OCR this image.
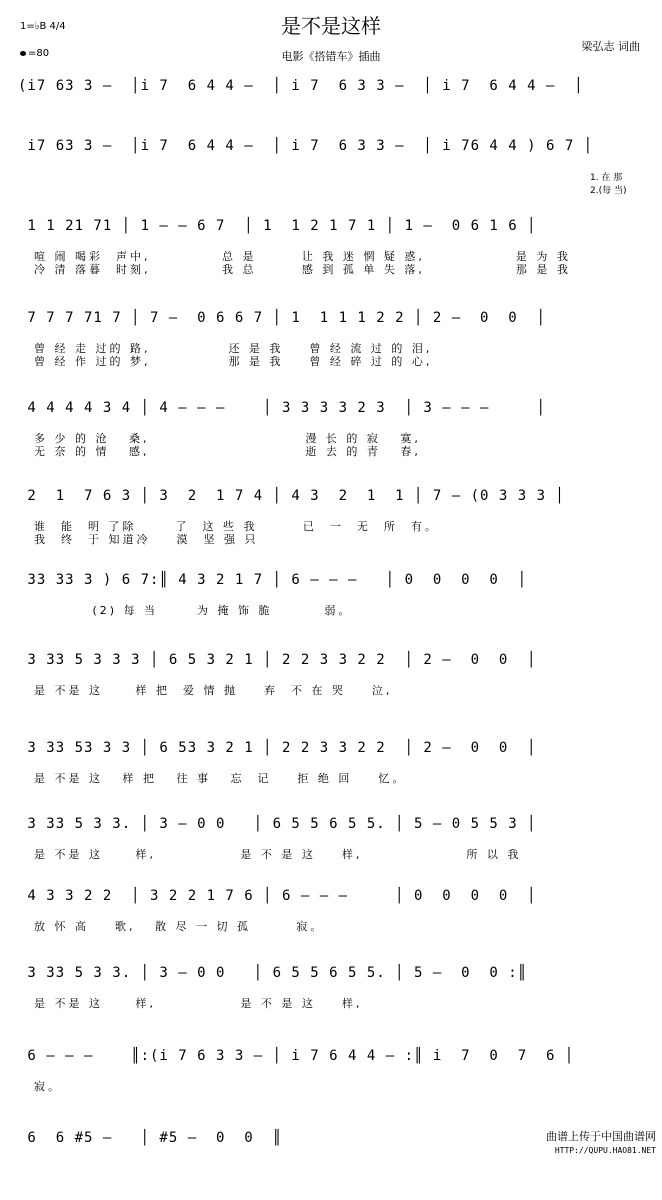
是不是这样
电影《搭错车》插曲
梁弘志 词曲
1=♭B 4/4
=80
(i7 63 3 –  │i 7  6 4 4 –  │ i 7  6 3 3 –  │ i 7  6 4 4 –  │
i7 63 3 –  │i 7  6 4 4 –  │ i 7  6 3 3 –  │ i 76 4 4 ) 6 7 │
1. 在 那
2.(每 当)
1 1 21 71 │ 1 – – 6 7  │ 1  1 2 1 7 1 │ 1 –  0 6 1 6 │
喧 闹 喝彩  声中,           总 是       让 我 迷 惘 疑 惑,              是 为 我
冷 清 落暮  时刻,           我 总       感 到 孤 单 失 落,              那 是 我
7 7 7 71 7 │ 7 –  0 6 6 7 │ 1  1 1 1 2 2 │ 2 –  0  0  │
曾 经 走 过的 路,            还 是 我    曾 经 流 过 的 泪,
曾 经 作 过的 梦,            那 是 我    曾 经 碎 过 的 心,
4 4 4 4 3 4 │ 4 – – –    │ 3 3 3 3 2 3  │ 3 – – –     │
多 少 的 沧   桑,                        漫 长 的 寂   寞,
无 奈 的 情   感,                        逝 去 的 青   春,
2  1  7 6 3 │ 3  2  1 7 4 │ 4 3  2  1  1 │ 7 – (0 3 3 3 │
谁  能  明 了除      了  这 些 我       已  一  无  所  有。
我  终  于 知道冷    漠  坚 强 只
33 33 3 ) 6 7:║ 4 3 2 1 7 │ 6 – – –   │ 0  0  0  0  │
(2) 每 当      为 掩 饰 脆        弱。
3 33 5 3 3 3 │ 6 5 3 2 1 │ 2 2 3 3 2 2  │ 2 –  0  0  │
是 不是 这     样 把  爱 情 抛    弃  不 在 哭    泣,
3 33 53 3 3 │ 6 53 3 2 1 │ 2 2 3 3 2 2  │ 2 –  0  0  │
是 不是 这   样 把   往 事   忘  记    拒 绝 回    忆。
3 33 5 3 3. │ 3 – 0 0   │ 6 5 5 6 5 5. │ 5 – 0 5 5 3 │
是 不是 这     样,             是 不 是 这    样,                所 以 我
4 3 3 2 2  │ 3 2 2 1 7 6 │ 6 – – –     │ 0  0  0  0  │
放 怀 高    歌,   散 尽 一 切 孤       寂。
3 33 5 3 3. │ 3 – 0 0   │ 6 5 5 6 5 5. │ 5 –  0  0 :║
是 不是 这     样,             是 不 是 这    样,
6 – – –    ║:(i 7 6 3 3 – │ i 7 6 4 4 – :║ i  7  0  7  6 │
寂。
6  6 #5 –   │ #5 –  0  0  ║	曲谱上传于中国曲谱网
HTTP://QUPU.HAO81.NET
